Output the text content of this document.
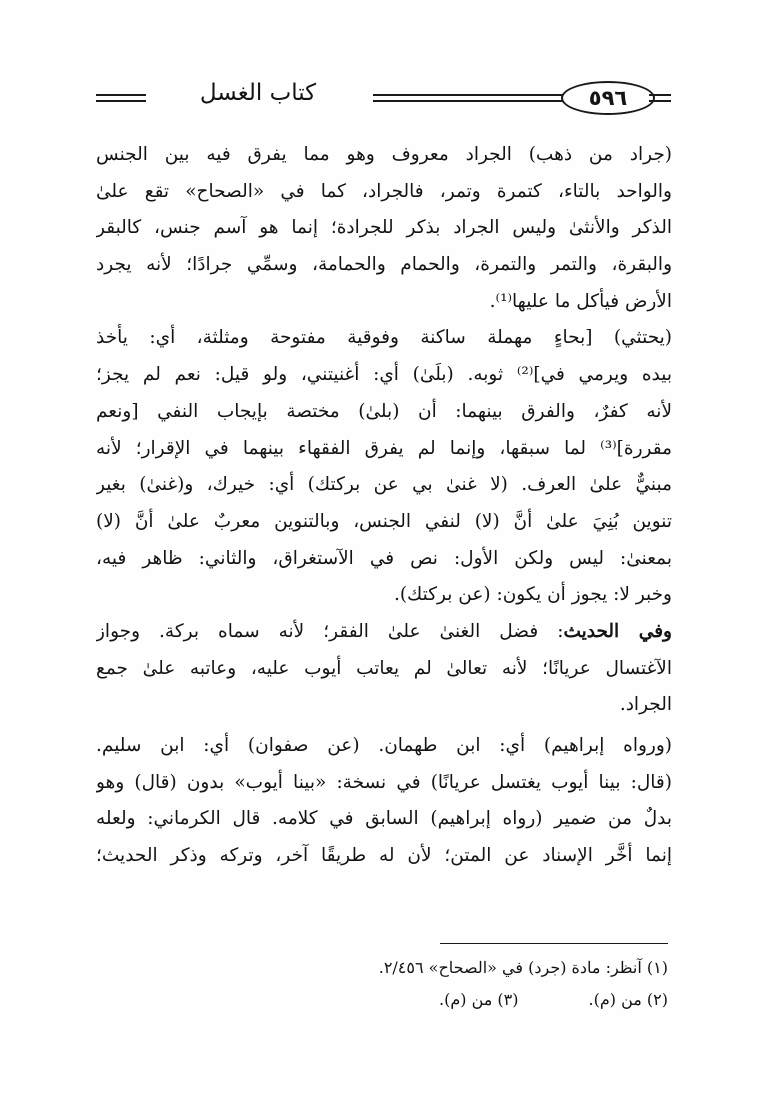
كتاب الغسل	٥٩٦
(جراد من ذهب) الجراد معروف وهو مما يفرق فيه بين الجنس
والواحد بالتاء، كتمرة وتمر، فالجراد، كما في «الصحاح» تقع علىٰ
الذكر والأنثىٰ وليس الجراد بذكر للجرادة؛ إنما هو آسم جنس، كالبقر
والبقرة، والتمر والتمرة، والحمام والحمامة، وسمِّي جرادًا؛ لأنه يجرد
الأرض فيأكل ما عليها⁽¹⁾.
(يحتثي) [بحاءٍ مهملة ساكنة وفوقية مفتوحة ومثلثة، أي: يأخذ
بيده ويرمي في]⁽²⁾ ثوبه. (بلَىٰ) أي: أغنيتني، ولو قيل: نعم لم يجز؛
لأنه كفرٌ، والفرق بينهما: أن (بلىٰ) مختصة بإيجاب النفي [ونعم
مقررة]⁽³⁾ لما سبقها، وإنما لم يفرق الفقهاء بينهما في الإقرار؛ لأنه
مبنيٌّ علىٰ العرف. (لا غنىٰ بي عن بركتك) أي: خيرك، و(غنىٰ) بغير
تنوين بُنِيَ علىٰ أنَّ (لا) لنفي الجنس، وبالتنوين معربٌ علىٰ أنَّ (لا)
بمعنىٰ: ليس ولكن الأول: نص في الآستغراق، والثاني: ظاهر فيه،
وخبر لا: يجوز أن يكون: (عن بركتك).
وفي الحديث: فضل الغنىٰ علىٰ الفقر؛ لأنه سماه بركة. وجواز
الآغتسال عريانًا؛ لأنه تعالىٰ لم يعاتب أيوب عليه، وعاتبه علىٰ جمع
الجراد.
(ورواه إبراهيم) أي: ابن طهمان. (عن صفوان) أي: ابن سليم.
(قال: بينا أيوب يغتسل عريانًا) في نسخة: «بينا أيوب» بدون (قال) وهو
بدلٌ من ضمير (رواه إبراهيم) السابق في كلامه. قال الكرماني: ولعله
إنما أخَّر الإسناد عن المتن؛ لأن له طريقًا آخر، وتركه وذكر الحديث؛
(١) آنظر: مادة (جرد) في «الصحاح» ٢/٤٥٦.
(٢) من (م).(٣) من (م).
